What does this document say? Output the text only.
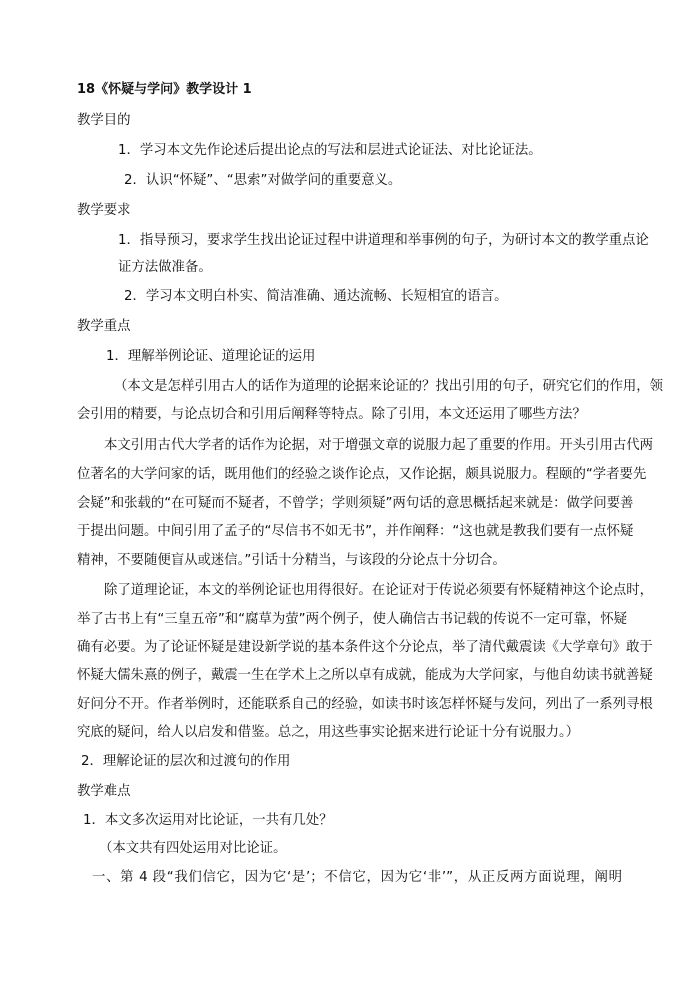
18《怀疑与学问》教学设计 1
教学目的
1．学习本文先作论述后提出论点的写法和层进式论证法、对比论证法。
2．认识“怀疑”、“思索”对做学问的重要意义。
教学要求
1．指导预习，要求学生找出论证过程中讲道理和举事例的句子，为研讨本文的教学重点论
证方法做准备。
2．学习本文明白朴实、简洁准确、通达流畅、长短相宜的语言。
教学重点
1．理解举例论证、道理论证的运用
（本文是怎样引用古人的话作为道理的论据来论证的？找出引用的句子，研究它们的作用，领
会引用的精要，与论点切合和引用后阐释等特点。除了引用，本文还运用了哪些方法？
本文引用古代大学者的话作为论据，对于增强文章的说服力起了重要的作用。开头引用古代两
位著名的大学问家的话，既用他们的经验之谈作论点，又作论据，颇具说服力。程颐的“学者要先
会疑”和张载的“在可疑而不疑者，不曾学；学则须疑”两句话的意思概括起来就是：做学问要善
于提出问题。中间引用了孟子的“尽信书不如无书”，并作阐释：“这也就是教我们要有一点怀疑
精神，不要随便盲从或迷信。”引话十分精当，与该段的分论点十分切合。
除了道理论证，本文的举例论证也用得很好。在论证对于传说必须要有怀疑精神这个论点时，
举了古书上有“三皇五帝”和“腐草为萤”两个例子，使人确信古书记载的传说不一定可靠，怀疑
确有必要。为了论证怀疑是建设新学说的基本条件这个分论点，举了清代戴震读《大学章句》敢于
怀疑大儒朱熹的例子，戴震一生在学术上之所以卓有成就，能成为大学问家，与他自幼读书就善疑
好问分不开。作者举例时，还能联系自己的经验，如读书时该怎样怀疑与发问，列出了一系列寻根
究底的疑问，给人以启发和借鉴。总之，用这些事实论据来进行论证十分有说服力。）
2．理解论证的层次和过渡句的作用
教学难点
1．本文多次运用对比论证，一共有几处？
（本文共有四处运用对比论证。
一、第 4 段“我们信它，因为它‘是’；不信它，因为它‘非’”，从正反两方面说理，阐明
